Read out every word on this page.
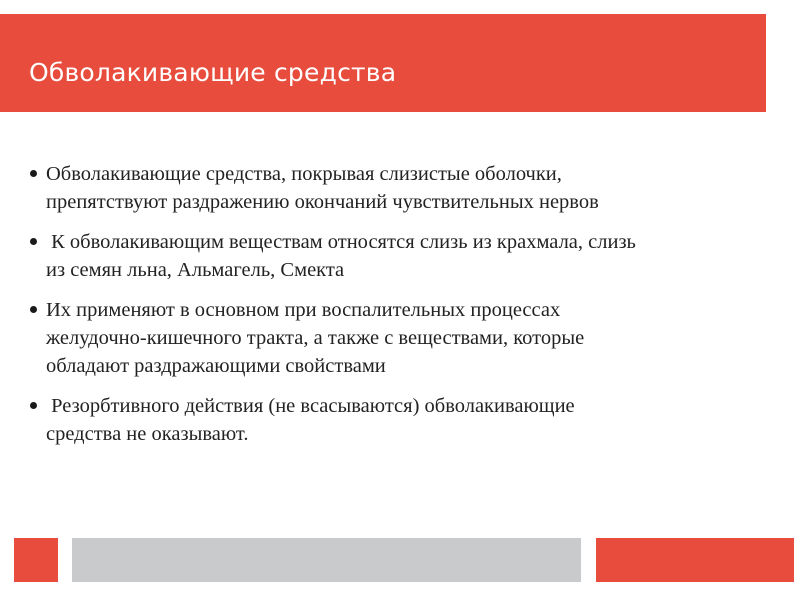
Обволакивающие средства
Обволакивающие средства, покрывая слизистые оболочки,
препятствуют раздражению окончаний чувствительных нервов
К обволакивающим веществам относятся слизь из крахмала, слизь
из семян льна, Альмагель, Смекта
Их применяют в основном при воспалительных процессах
желудочно-кишечного тракта, а также с веществами, которые
обладают раздражающими свойствами
Резорбтивного действия (не всасываются) обволакивающие
средства не оказывают.
